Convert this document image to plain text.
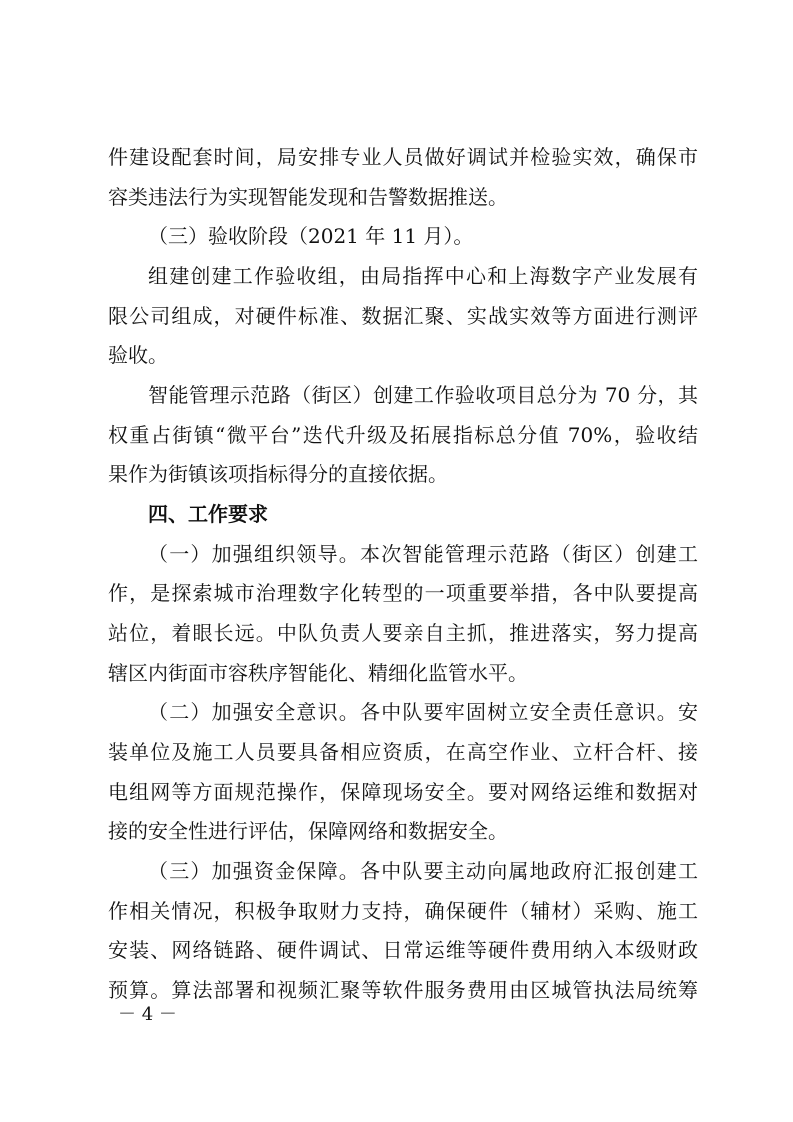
件建设配套时间，局安排专业人员做好调试并检验实效，确保市
容类违法行为实现智能发现和告警数据推送。
（三）验收阶段（2021 年 11 月）。
组建创建工作验收组，由局指挥中心和上海数字产业发展有
限公司组成，对硬件标准、数据汇聚、实战实效等方面进行测评
验收。
智能管理示范路（街区）创建工作验收项目总分为 70 分，其
权重占街镇“微平台”迭代升级及拓展指标总分值 70%，验收结
果作为街镇该项指标得分的直接依据。
四、工作要求
（一）加强组织领导。本次智能管理示范路（街区）创建工
作，是探索城市治理数字化转型的一项重要举措，各中队要提高
站位，着眼长远。中队负责人要亲自主抓，推进落实，努力提高
辖区内街面市容秩序智能化、精细化监管水平。
（二）加强安全意识。各中队要牢固树立安全责任意识。安
装单位及施工人员要具备相应资质，在高空作业、立杆合杆、接
电组网等方面规范操作，保障现场安全。要对网络运维和数据对
接的安全性进行评估，保障网络和数据安全。
（三）加强资金保障。各中队要主动向属地政府汇报创建工
作相关情况，积极争取财力支持，确保硬件（辅材）采购、施工
安装、网络链路、硬件调试、日常运维等硬件费用纳入本级财政
预算。算法部署和视频汇聚等软件服务费用由区城管执法局统筹
－ 4 －
